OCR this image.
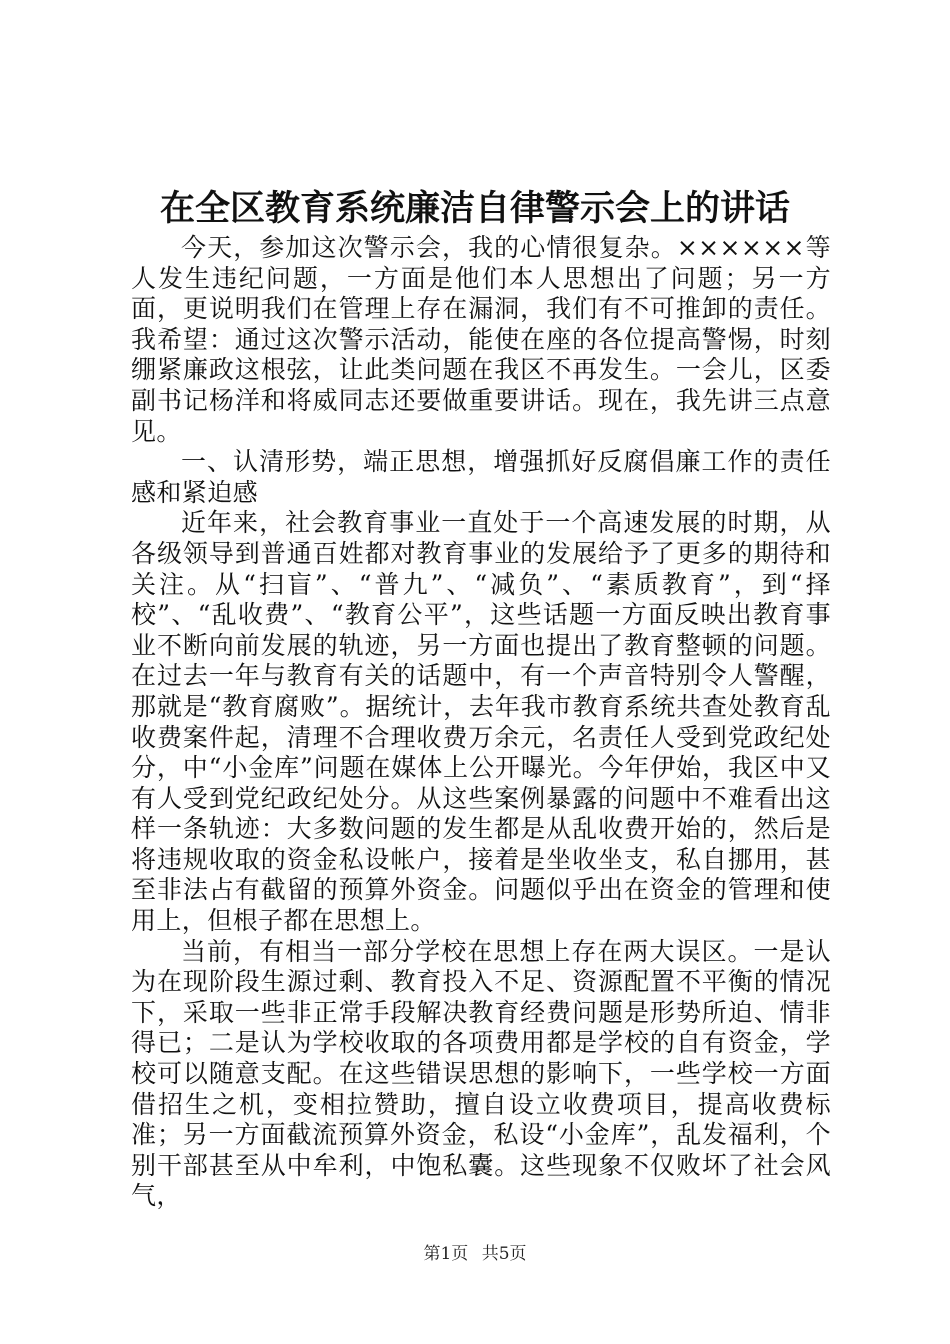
在全区教育系统廉洁自律警示会上的讲话

今天，参加这次警示会，我的心情很复杂。××××××等人发生违纪问题，一方面是他们本人思想出了问题；另一方面，更说明我们在管理上存在漏洞，我们有不可推卸的责任。我希望：通过这次警示活动，能使在座的各位提高警惕，时刻绷紧廉政这根弦，让此类问题在我区不再发生。一会儿，区委副书记杨洋和将威同志还要做重要讲话。现在，我先讲三点意见。

一、认清形势，端正思想，增强抓好反腐倡廉工作的责任感和紧迫感

近年来，社会教育事业一直处于一个高速发展的时期，从各级领导到普通百姓都对教育事业的发展给予了更多的期待和关注。从“扫盲”、“普九”、“减负”、“素质教育”，到“择校”、“乱收费”、“教育公平”，这些话题一方面反映出教育事业不断向前发展的轨迹，另一方面也提出了教育整顿的问题。在过去一年与教育有关的话题中，有一个声音特别令人警醒，那就是“教育腐败”。据统计，去年我市教育系统共查处教育乱收费案件起，清理不合理收费万余元，名责任人受到党政纪处分，中“小金库”问题在媒体上公开曝光。今年伊始，我区中又有人受到党纪政纪处分。从这些案例暴露的问题中不难看出这样一条轨迹：大多数问题的发生都是从乱收费开始的，然后是将违规收取的资金私设帐户，接着是坐收坐支，私自挪用，甚至非法占有截留的预算外资金。问题似乎出在资金的管理和使用上，但根子都在思想上。

当前，有相当一部分学校在思想上存在两大误区。一是认为在现阶段生源过剩、教育投入不足、资源配置不平衡的情况下，采取一些非正常手段解决教育经费问题是形势所迫、情非得已；二是认为学校收取的各项费用都是学校的自有资金，学校可以随意支配。在这些错误思想的影响下，一些学校一方面借招生之机，变相拉赞助，擅自设立收费项目，提高收费标准；另一方面截流预算外资金，私设“小金库”，乱发福利，个别干部甚至从中牟利，中饱私囊。这些现象不仅败坏了社会风气，

第1页 共5页
